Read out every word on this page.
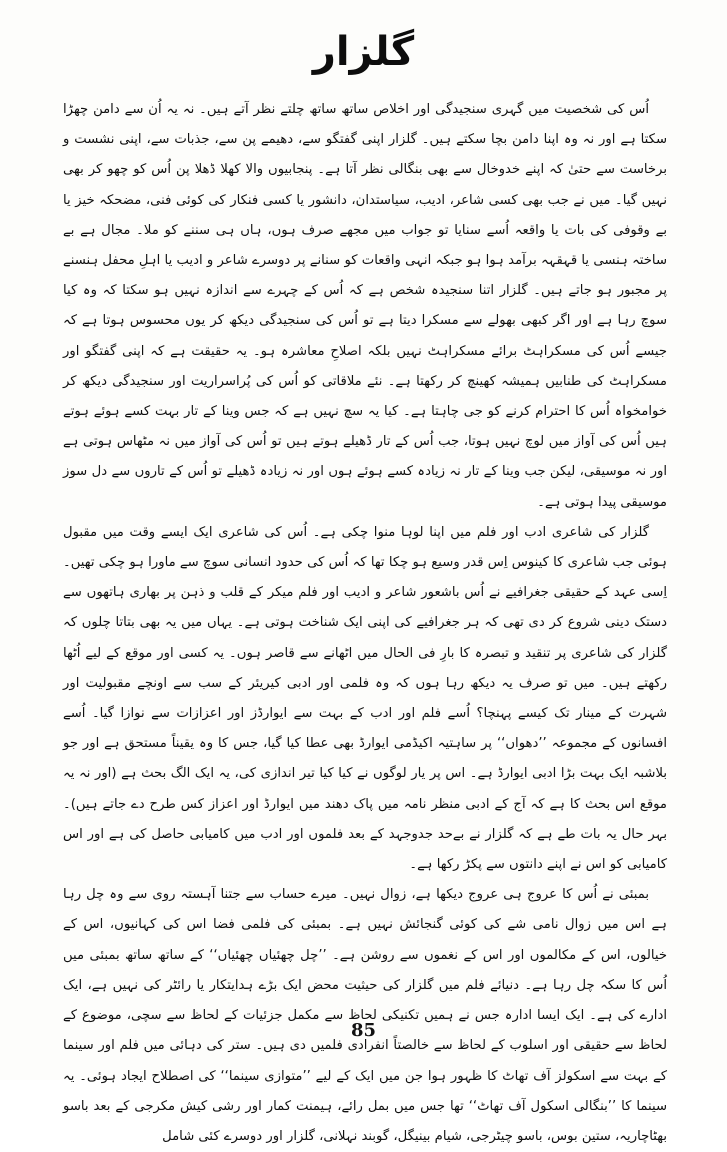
گلزار

اُس کی شخصیت میں گہری سنجیدگی اور اخلاص ساتھ ساتھ چلتے نظر آتے ہیں۔ نہ یہ اُن سے دامن چھڑا سکتا ہے اور نہ وہ اپنا دامن بچا سکتے ہیں۔ گلزار اپنی گفتگو سے، دھیمے پن سے، جذبات سے، اپنی نشست و برخاست سے حتیٰ کہ اپنے خدوخال سے بھی بنگالی نظر آتا ہے۔ پنجابیوں والا کھلا ڈھلا پن اُس کو چھو کر بھی نہیں گیا۔ میں نے جب بھی کسی شاعر، ادیب، سیاستدان، دانشور یا کسی فنکار کی کوئی فنی، مضحکہ خیز یا بے وقوفی کی بات یا واقعہ اُسے سنایا تو جواب میں مجھے صرف ہوں، ہاں ہی سننے کو ملا۔ مجال ہے بے ساختہ ہنسی یا قہقہہ برآمد ہوا ہو جبکہ انہی واقعات کو سنانے پر دوسرے شاعر و ادیب یا اہلِ محفل ہنسنے پر مجبور ہو جاتے ہیں۔ گلزار اتنا سنجیدہ شخص ہے کہ اُس کے چہرے سے اندازہ نہیں ہو سکتا کہ وہ کیا سوچ رہا ہے اور اگر کبھی بھولے سے مسکرا دیتا ہے تو اُس کی سنجیدگی دیکھ کر یوں محسوس ہوتا ہے کہ جیسے اُس کی مسکراہٹ برائے مسکراہٹ نہیں بلکہ اصلاحِ معاشرہ ہو۔ یہ حقیقت ہے کہ اپنی گفتگو اور مسکراہٹ کی طنابیں ہمیشہ کھینچ کر رکھتا ہے۔ نئے ملاقاتی کو اُس کی پُراسراریت اور سنجیدگی دیکھ کر خوامخواہ اُس کا احترام کرنے کو جی چاہتا ہے۔ کیا یہ سچ نہیں ہے کہ جس وینا کے تار بہت کسے ہوئے ہوتے ہیں اُس کی آواز میں لوچ نہیں ہوتا، جب اُس کے تار ڈھیلے ہوتے ہیں تو اُس کی آواز میں نہ مٹھاس ہوتی ہے اور نہ موسیقی، لیکن جب وینا کے تار نہ زیادہ کسے ہوئے ہوں اور نہ زیادہ ڈھیلے تو اُس کے تاروں سے دل سوز موسیقی پیدا ہوتی ہے۔

گلزار کی شاعری ادب اور فلم میں اپنا لوہا منوا چکی ہے۔ اُس کی شاعری ایک ایسے وقت میں مقبول ہوئی جب شاعری کا کینوس اِس قدر وسیع ہو چکا تھا کہ اُس کی حدود انسانی سوچ سے ماورا ہو چکی تھیں۔ اِسی عہد کے حقیقی جغرافیے نے اُس باشعور شاعر و ادیب اور فلم میکر کے قلب و ذہن پر بھاری ہاتھوں سے دستک دینی شروع کر دی تھی کہ ہر جغرافیے کی اپنی ایک شناخت ہوتی ہے۔ یہاں میں یہ بھی بتاتا چلوں کہ گلزار کی شاعری پر تنقید و تبصرہ کا بارِ فی الحال میں اٹھانے سے قاصر ہوں۔ یہ کسی اور موقع کے لیے اُٹھا رکھتے ہیں۔ میں تو صرف یہ دیکھ رہا ہوں کہ وہ فلمی اور ادبی کیریئر کے سب سے اونچے مقبولیت اور شہرت کے مینار تک کیسے پہنچا؟ اُسے فلم اور ادب کے بہت سے ایوارڈز اور اعزازات سے نوازا گیا۔ اُسے افسانوں کے مجموعہ ’’دھواں‘‘ پر ساہتیہ اکیڈمی ایوارڈ بھی عطا کیا گیا، جس کا وہ یقیناً مستحق ہے اور جو بلاشبہ ایک بہت بڑا ادبی ایوارڈ ہے۔ اس پر یار لوگوں نے کیا کیا تیر اندازی کی، یہ ایک الگ بحث ہے (اور نہ یہ موقع اس بحث کا ہے کہ آج کے ادبی منظر نامہ میں پاک دھند میں ایوارڈ اور اعزاز کس طرح دے جاتے ہیں)۔ بہر حال یہ بات طے ہے کہ گلزار نے بےحد جدوجہد کے بعد فلموں اور ادب میں کامیابی حاصل کی ہے اور اس کامیابی کو اس نے اپنے دانتوں سے پکڑ رکھا ہے۔

بمبئی نے اُس کا عروج ہی عروج دیکھا ہے، زوال نہیں۔ میرے حساب سے جتنا آہستہ روی سے وہ چل رہا ہے اس میں زوال نامی شے کی کوئی گنجائش نہیں ہے۔ بمبئی کی فلمی فضا اس کی کہانیوں، اس کے خیالوں، اس کے مکالموں اور اس کے نغموں سے روشن ہے۔ ’’چل چھئیاں چھئیاں‘‘ کے ساتھ ساتھ بمبئی میں اُس کا سکہ چل رہا ہے۔ دنیائے فلم میں گلزار کی حیثیت محض ایک بڑے ہدایتکار یا رائٹر کی نہیں ہے، ایک ادارے کی ہے۔ ایک ایسا ادارہ جس نے ہمیں تکنیکی لحاظ سے مکمل جزئیات کے لحاظ سے سچی، موضوع کے لحاظ سے حقیقی اور اسلوب کے لحاظ سے خالصتاً انفرادی فلمیں دی ہیں۔ ستر کی دہائی میں فلم اور سینما کے بہت سے اسکولز آف تھاٹ کا ظہور ہوا جن میں ایک کے لیے ’’متوازی سینما‘‘ کی اصطلاح ایجاد ہوئی۔ یہ سینما کا ’’بنگالی اسکول آف تھاٹ‘‘ تھا جس میں بمل رائے، ہیمنت کمار اور رشی کیش مکرجی کے بعد باسو بھٹاچاریہ، ستین بوس، باسو چیٹرجی، شیام بینیگل، گوبند نہلانی، گلزار اور دوسرے کئی شامل

85
